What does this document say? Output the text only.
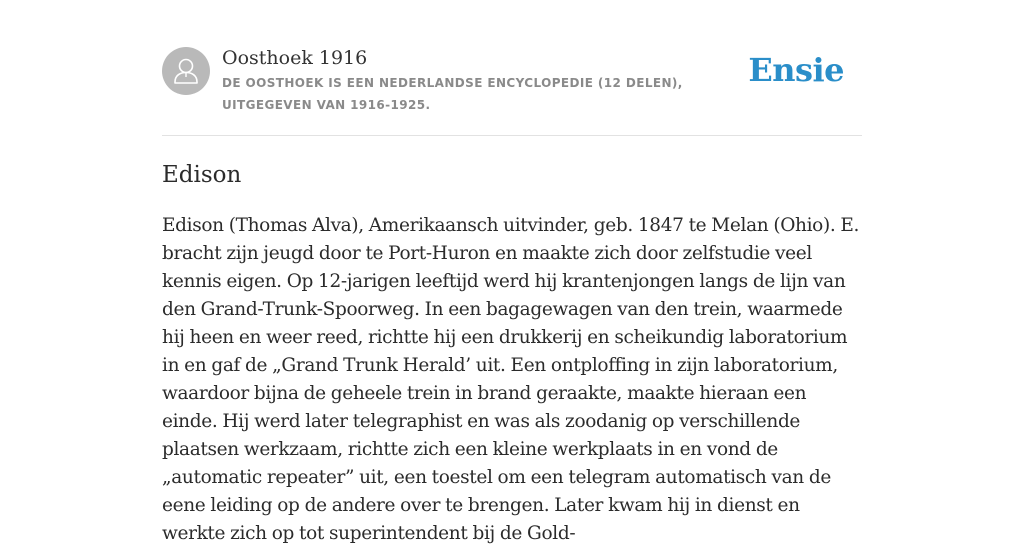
Oosthoek 1916
DE OOSTHOEK IS EEN NEDERLANDSE ENCYCLOPEDIE (12 DELEN), UITGEGEVEN VAN 1916-1925.
Ensie
Edison

Edison (Thomas Alva), Amerikaansch uitvinder, geb. 1847 te Melan (Ohio). E. bracht zijn jeugd door te Port-Huron en maakte zich door zelfstudie veel kennis eigen. Op 12-jarigen leeftijd werd hij krantenjongen langs de lijn van den Grand-Trunk-Spoorweg. In een bagagewagen van den trein, waarmede hij heen en weer reed, richtte hij een drukkerij en scheikundig laboratorium in en gaf de „Grand Trunk Herald’ uit. Een ontploffing in zijn laboratorium, waardoor bijna de geheele trein in brand geraakte, maakte hieraan een einde. Hij werd later telegraphist en was als zoodanig op verschillende plaatsen werkzaam, richtte zich een kleine werkplaats in en vond de „automatic repeater” uit, een toestel om een telegram automatisch van de eene leiding op de andere over te brengen. Later kwam hij in dienst en werkte zich op tot superintendent bij de Gold-
